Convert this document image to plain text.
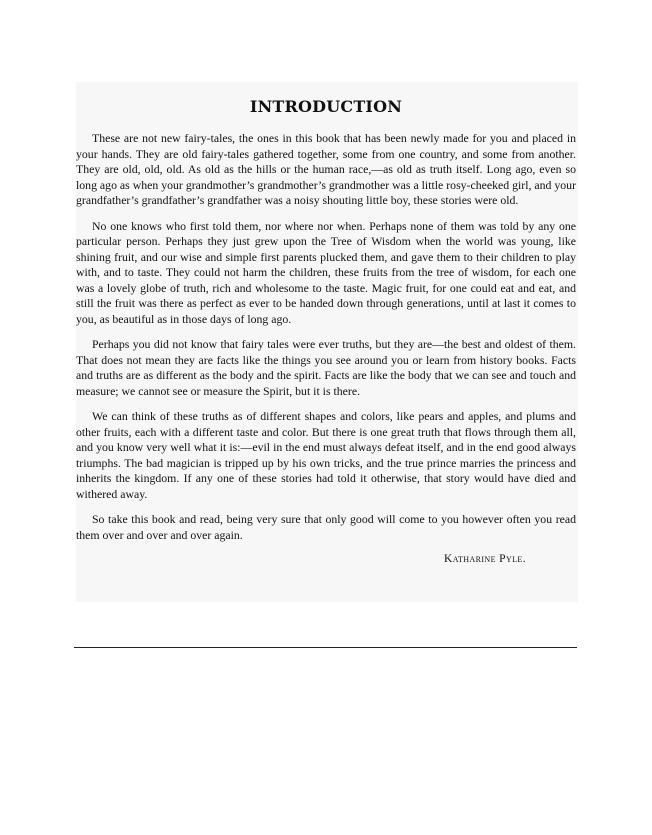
INTRODUCTION

These are not new fairy-tales, the ones in this book that has been newly made for you and placed in your hands. They are old fairy-tales gathered together, some from one country, and some from another. They are old, old, old. As old as the hills or the human race,—as old as truth itself. Long ago, even so long ago as when your grandmother’s grandmother’s grandmother was a little rosy-cheeked girl, and your grandfather’s grandfather’s grandfather was a noisy shouting little boy, these stories were old.

No one knows who first told them, nor where nor when. Perhaps none of them was told by any one particular person. Perhaps they just grew upon the Tree of Wisdom when the world was young, like shining fruit, and our wise and simple first parents plucked them, and gave them to their children to play with, and to taste. They could not harm the children, these fruits from the tree of wisdom, for each one was a lovely globe of truth, rich and wholesome to the taste. Magic fruit, for one could eat and eat, and still the fruit was there as perfect as ever to be handed down through generations, until at last it comes to you, as beautiful as in those days of long ago.

Perhaps you did not know that fairy tales were ever truths, but they are—the best and oldest of them. That does not mean they are facts like the things you see around you or learn from history books. Facts and truths are as different as the body and the spirit. Facts are like the body that we can see and touch and measure; we cannot see or measure the Spirit, but it is there.

We can think of these truths as of different shapes and colors, like pears and apples, and plums and other fruits, each with a different taste and color. But there is one great truth that flows through them all, and you know very well what it is:—evil in the end must always defeat itself, and in the end good always triumphs. The bad magician is tripped up by his own tricks, and the true prince marries the princess and inherits the kingdom. If any one of these stories had told it otherwise, that story would have died and withered away.

So take this book and read, being very sure that only good will come to you however often you read them over and over and over again.

Katharine Pyle.
